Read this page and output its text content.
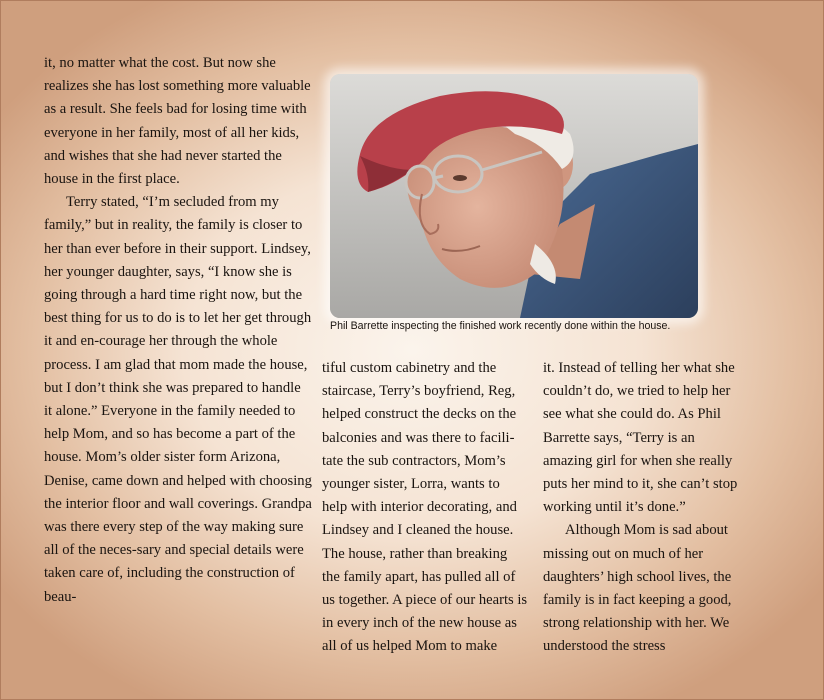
it, no matter what the cost. But now she realizes she has lost something more valuable as a result. She feels bad for losing time with everyone in her family, most of all her kids, and wishes that she had never started the house in the first place.

Terry stated, “I’m secluded from my family,” but in reality, the family is closer to her than ever before in their support. Lindsey, her younger daughter, says, “I know she is going through a hard time right now, but the best thing for us to do is to let her get through it and en-courage her through the whole process. I am glad that mom made the house, but I don’t think she was prepared to handle it alone.” Everyone in the family needed to help Mom, and so has become a part of the house. Mom’s older sister form Arizona, Denise, came down and helped with choosing the interior floor and wall coverings. Grandpa was there every step of the way making sure all of the neces-sary and special details were taken care of, including the construction of beau-

Phil Barrette inspecting the finished work recently done within the house.

tiful custom cabinetry and the staircase, Terry’s boyfriend, Reg, helped construct the decks on the balconies and was there to facili-tate the sub contractors, Mom’s younger sister, Lorra, wants to help with interior decorating, and Lindsey and I cleaned the house. The house, rather than breaking the family apart, has pulled all of us together. A piece of our hearts is in every inch of the new house as all of us helped Mom to make

it. Instead of telling her what she couldn’t do, we tried to help her see what she could do. As Phil Barrette says, “Terry is an amazing girl for when she really puts her mind to it, she can’t stop working until it’s done.”

Although Mom is sad about missing out on much of her daughters’ high school lives, the family is in fact keeping a good, strong relationship with her. We understood the stress
